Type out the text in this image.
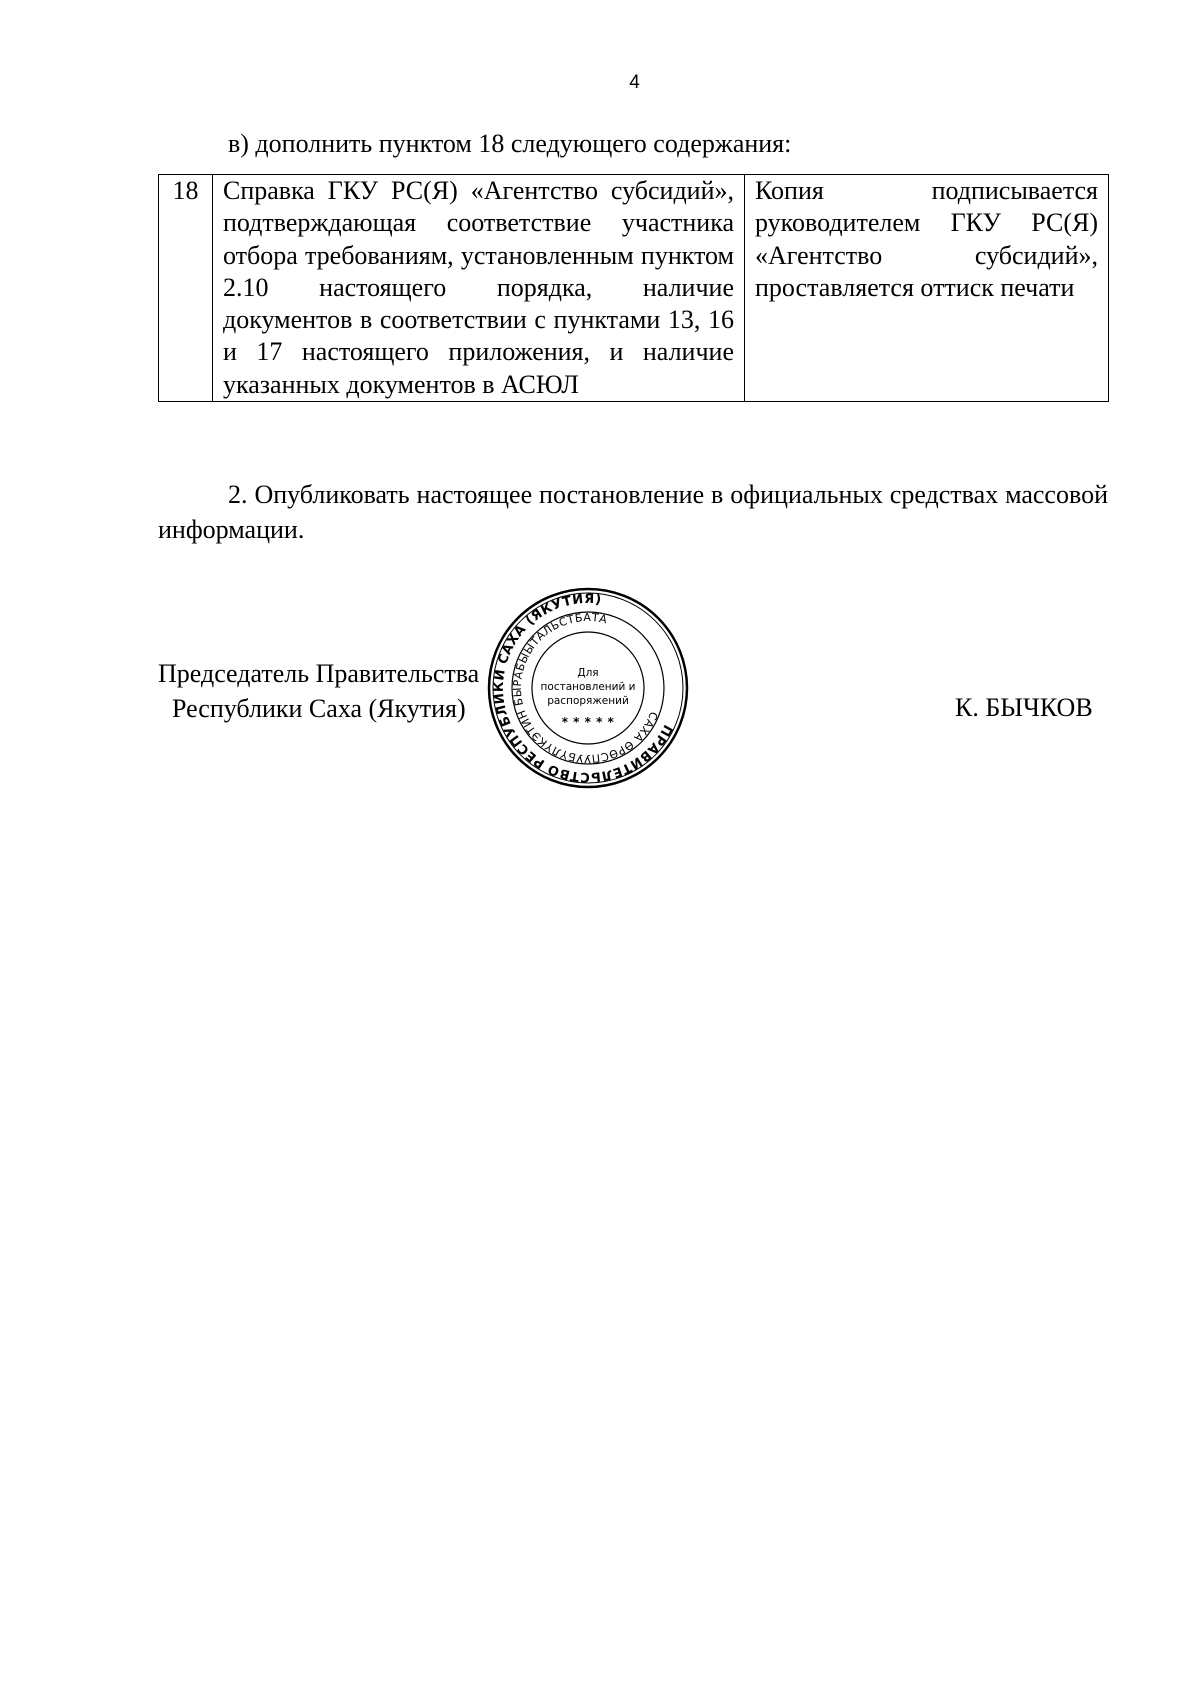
4
в) дополнить пунктом 18 следующего содержания:
18	Справка ГКУ РС(Я) «Агентство субсидий», подтверждающая соответствие участника отбора требованиям, установленным пунктом 2.10 настоящего порядка, наличие документов в соответствии с пунктами 13, 16 и 17 настоящего приложения, и наличие указанных документов в АСЮЛ	Копия подписывается руководителем ГКУ РС(Я) «Агентство субсидий», проставляется оттиск печати
2. Опубликовать настоящее постановление в официальных средствах массовой информации.
Председатель Правительства
Республики Саха (Якутия)	К. БЫЧКОВ
ПРАВИТЕЛЬСТВО РЕСПУБЛИКИ САХА (ЯКУТИЯ)
САХА ӨРӨСПУУБҮЛҮКЭТИН БЫРАБЫЫТАЛЬСТБАТА
* * * * *
Для
постановлений и
распоряжений
